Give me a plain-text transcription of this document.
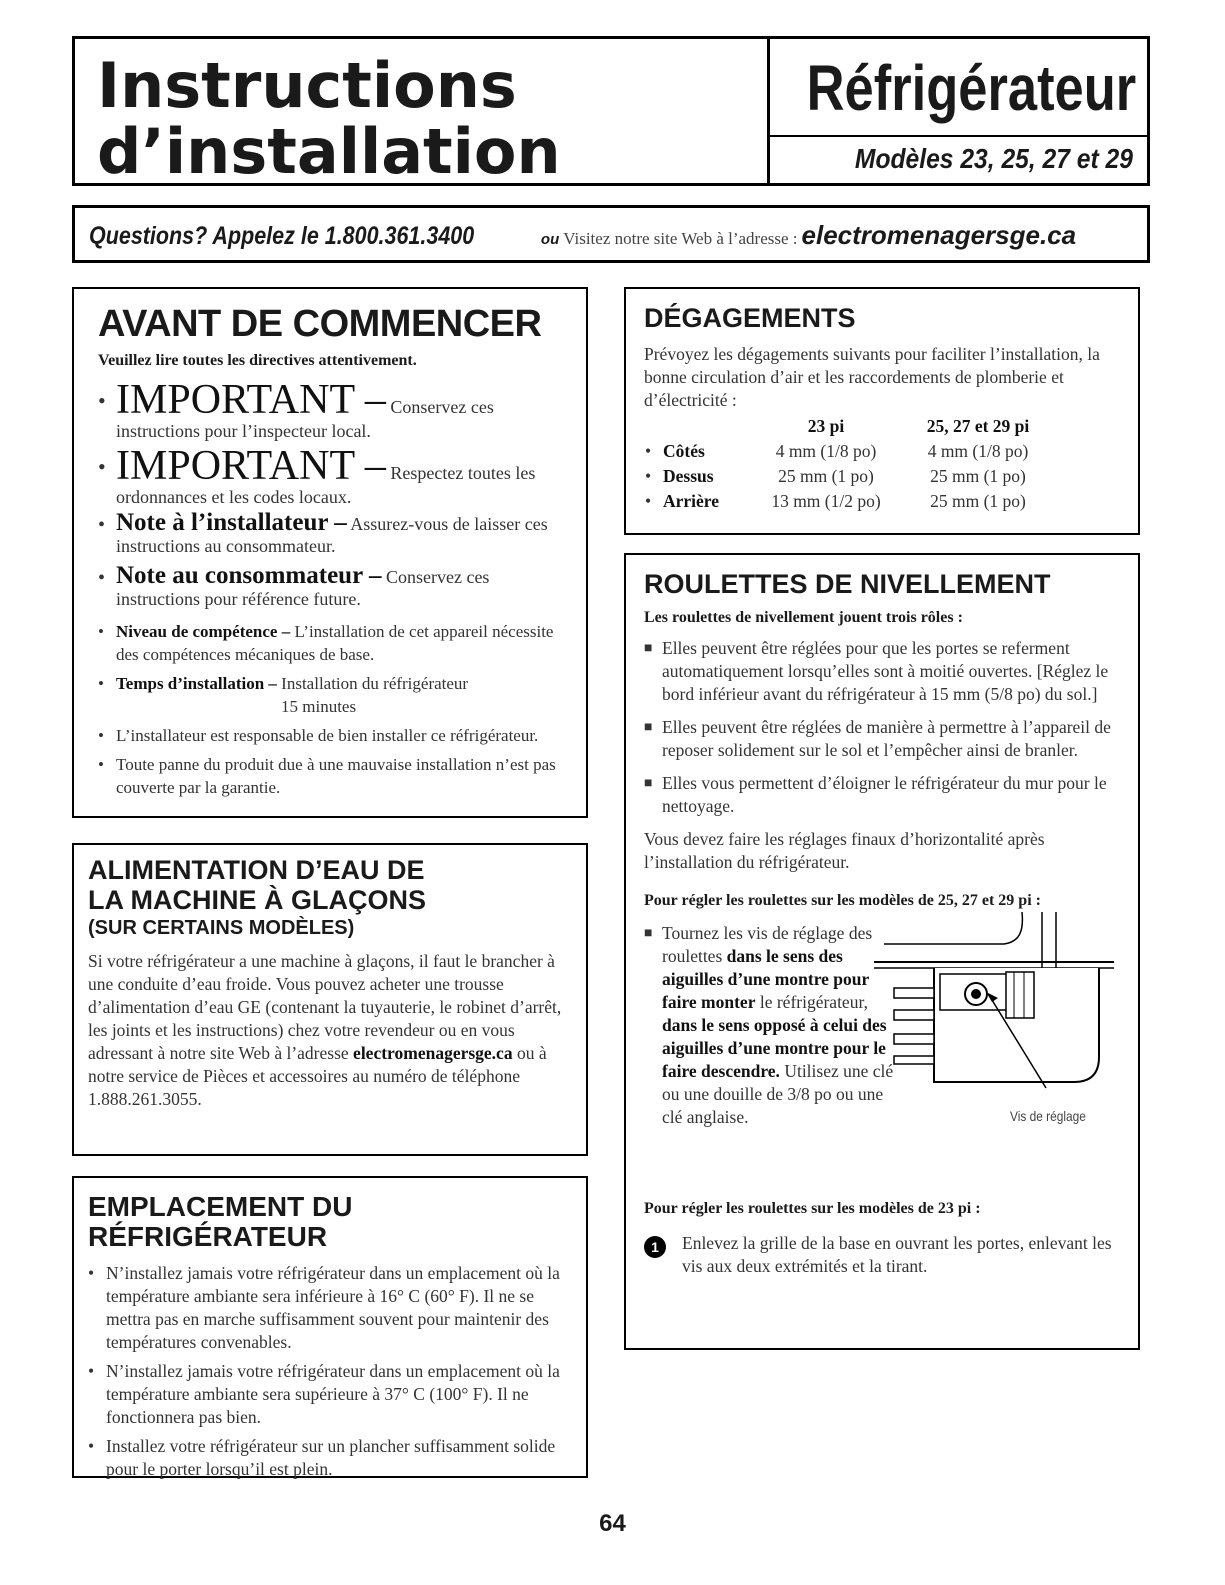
Instructions
d’installation
Réfrigérateur
Modèles 23, 25, 27 et 29
Questions? Appelez le 1.800.361.3400	ou Visitez notre site Web à l’adresse : electromenagersge.ca
AVANT DE COMMENCER
Veuillez lire toutes les directives attentivement.
• IMPORTANT – Conservez ces instructions pour l’inspecteur local.
• IMPORTANT – Respectez toutes les ordonnances et les codes locaux.
• Note à l’installateur – Assurez-vous de laisser ces instructions au consommateur.
• Note au consommateur – Conservez ces instructions pour référence future.
• Niveau de compétence – L’installation de cet appareil nécessite des compétences mécaniques de base.
• Temps d’installation – Installation du réfrigérateur
15 minutes
• L’installateur est responsable de bien installer ce réfrigérateur.
• Toute panne du produit due à une mauvaise installation n’est pas couverte par la garantie.
ALIMENTATION D’EAU DE
LA MACHINE À GLAÇONS
(SUR CERTAINS MODÈLES)

Si votre réfrigérateur a une machine à glaçons, il faut le brancher à une conduite d’eau froide. Vous pouvez acheter une trousse d’alimentation d’eau GE (contenant la tuyauterie, le robinet d’arrêt, les joints et les instructions) chez votre revendeur ou en vous adressant à notre site Web à l’adresse electromenagersge.ca ou à notre service de Pièces et accessoires au numéro de téléphone 1.888.261.3055.

EMPLACEMENT DU RÉFRIGÉRATEUR
• N’installez jamais votre réfrigérateur dans un emplacement où la température ambiante sera inférieure à 16° C (60° F). Il ne se mettra pas en marche suffisamment souvent pour maintenir des températures convenables.
• N’installez jamais votre réfrigérateur dans un emplacement où la température ambiante sera supérieure à 37° C (100° F). Il ne fonctionnera pas bien.
• Installez votre réfrigérateur sur un plancher suffisamment solide pour le porter lorsqu’il est plein.
DÉGAGEMENTS

Prévoyez les dégagements suivants pour faciliter l’installation, la bonne circulation d’air et les raccordements de plomberie et d’électricité :

	23 pi	25, 27 et 29 pi
• Côtés	4 mm (1/8 po)	4 mm (1/8 po)
• Dessus	25 mm (1 po)	25 mm (1 po)
• Arrière	13 mm (1/2 po)	25 mm (1 po)
ROULETTES DE NIVELLEMENT
Les roulettes de nivellement jouent trois rôles :
■ Elles peuvent être réglées pour que les portes se referment automatiquement lorsqu’elles sont à moitié ouvertes. [Réglez le bord inférieur avant du réfrigérateur à 15 mm (5/8 po) du sol.]
■ Elles peuvent être réglées de manière à permettre à l’appareil de reposer solidement sur le sol et l’empêcher ainsi de branler.
■ Elles vous permettent d’éloigner le réfrigérateur du mur pour le nettoyage.

Vous devez faire les réglages finaux d’horizontalité après l’installation du réfrigérateur.

Pour régler les roulettes sur les modèles de 25, 27 et 29 pi :
■ Tournez les vis de réglage des roulettes dans le sens des aiguilles d’une montre pour faire monter le réfrigérateur, dans le sens opposé à celui des aiguilles d’une montre pour le faire descendre. Utilisez une clé ou une douille de 3/8 po ou une clé anglaise.	Vis de réglage
Pour régler les roulettes sur les modèles de 23 pi :
1	Enlevez la grille de la base en ouvrant les portes, enlevant les vis aux deux extrémités et la tirant.

64
